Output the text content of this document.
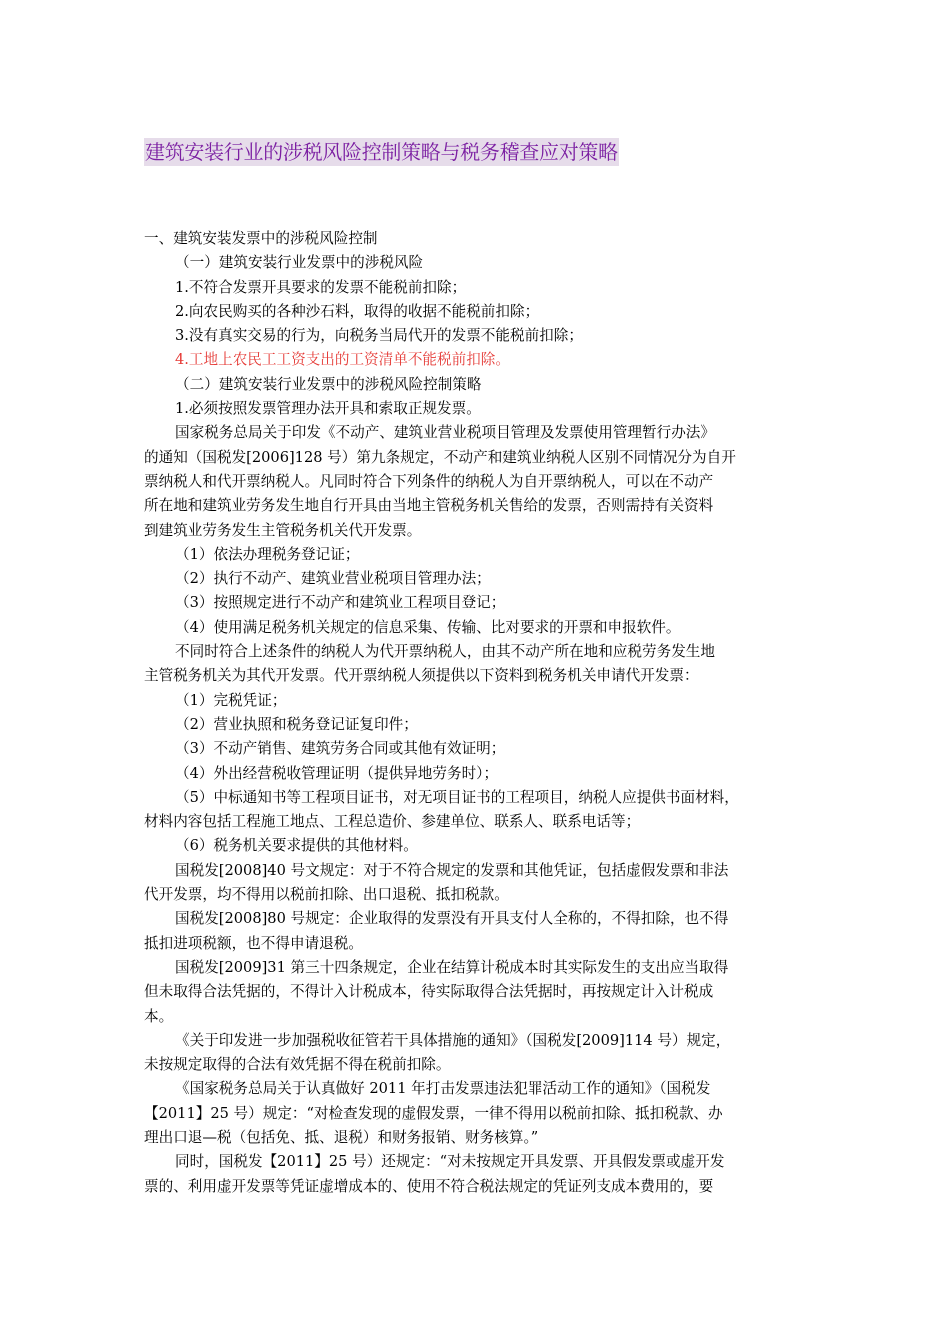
建筑安装行业的涉税风险控制策略与税务稽查应对策略

一、建筑安装发票中的涉税风险控制

（一）建筑安装行业发票中的涉税风险

1.不符合发票开具要求的发票不能税前扣除；

2.向农民购买的各种沙石料，取得的收据不能税前扣除；

3.没有真实交易的行为，向税务当局代开的发票不能税前扣除；

4.工地上农民工工资支出的工资清单不能税前扣除。

（二）建筑安装行业发票中的涉税风险控制策略

1.必须按照发票管理办法开具和索取正规发票。

国家税务总局关于印发《不动产、建筑业营业税项目管理及发票使用管理暂行办法》

的通知（国税发[2006]128 号）第九条规定，不动产和建筑业纳税人区别不同情况分为自开

票纳税人和代开票纳税人。凡同时符合下列条件的纳税人为自开票纳税人，可以在不动产

所在地和建筑业劳务发生地自行开具由当地主管税务机关售给的发票，否则需持有关资料

到建筑业劳务发生主管税务机关代开发票。

（1）依法办理税务登记证；

（2）执行不动产、建筑业营业税项目管理办法；

（3）按照规定进行不动产和建筑业工程项目登记；

（4）使用满足税务机关规定的信息采集、传输、比对要求的开票和申报软件。

不同时符合上述条件的纳税人为代开票纳税人，由其不动产所在地和应税劳务发生地

主管税务机关为其代开发票。代开票纳税人须提供以下资料到税务机关申请代开发票：

（1）完税凭证；

（2）营业执照和税务登记证复印件；

（3）不动产销售、建筑劳务合同或其他有效证明；

（4）外出经营税收管理证明（提供异地劳务时）；

（5）中标通知书等工程项目证书，对无项目证书的工程项目，纳税人应提供书面材料，

材料内容包括工程施工地点、工程总造价、参建单位、联系人、联系电话等；

（6）税务机关要求提供的其他材料。

国税发[2008]40 号文规定：对于不符合规定的发票和其他凭证，包括虚假发票和非法

代开发票，均不得用以税前扣除、出口退税、抵扣税款。

国税发[2008]80 号规定：企业取得的发票没有开具支付人全称的，不得扣除，也不得

抵扣进项税额，也不得申请退税。

国税发[2009]31 第三十四条规定，企业在结算计税成本时其实际发生的支出应当取得

但未取得合法凭据的，不得计入计税成本，待实际取得合法凭据时，再按规定计入计税成

本。

《关于印发进一步加强税收征管若干具体措施的通知》（国税发[2009]114 号）规定，

未按规定取得的合法有效凭据不得在税前扣除。

《国家税务总局关于认真做好 2011 年打击发票违法犯罪活动工作的通知》（国税发

【2011】25 号）规定：“对检查发现的虚假发票，一律不得用以税前扣除、抵扣税款、办

理出口退—税（包括免、抵、退税）和财务报销、财务核算。”

同时，国税发【2011】25 号）还规定：“对未按规定开具发票、开具假发票或虚开发

票的、利用虚开发票等凭证虚增成本的、使用不符合税法规定的凭证列支成本费用的，要
